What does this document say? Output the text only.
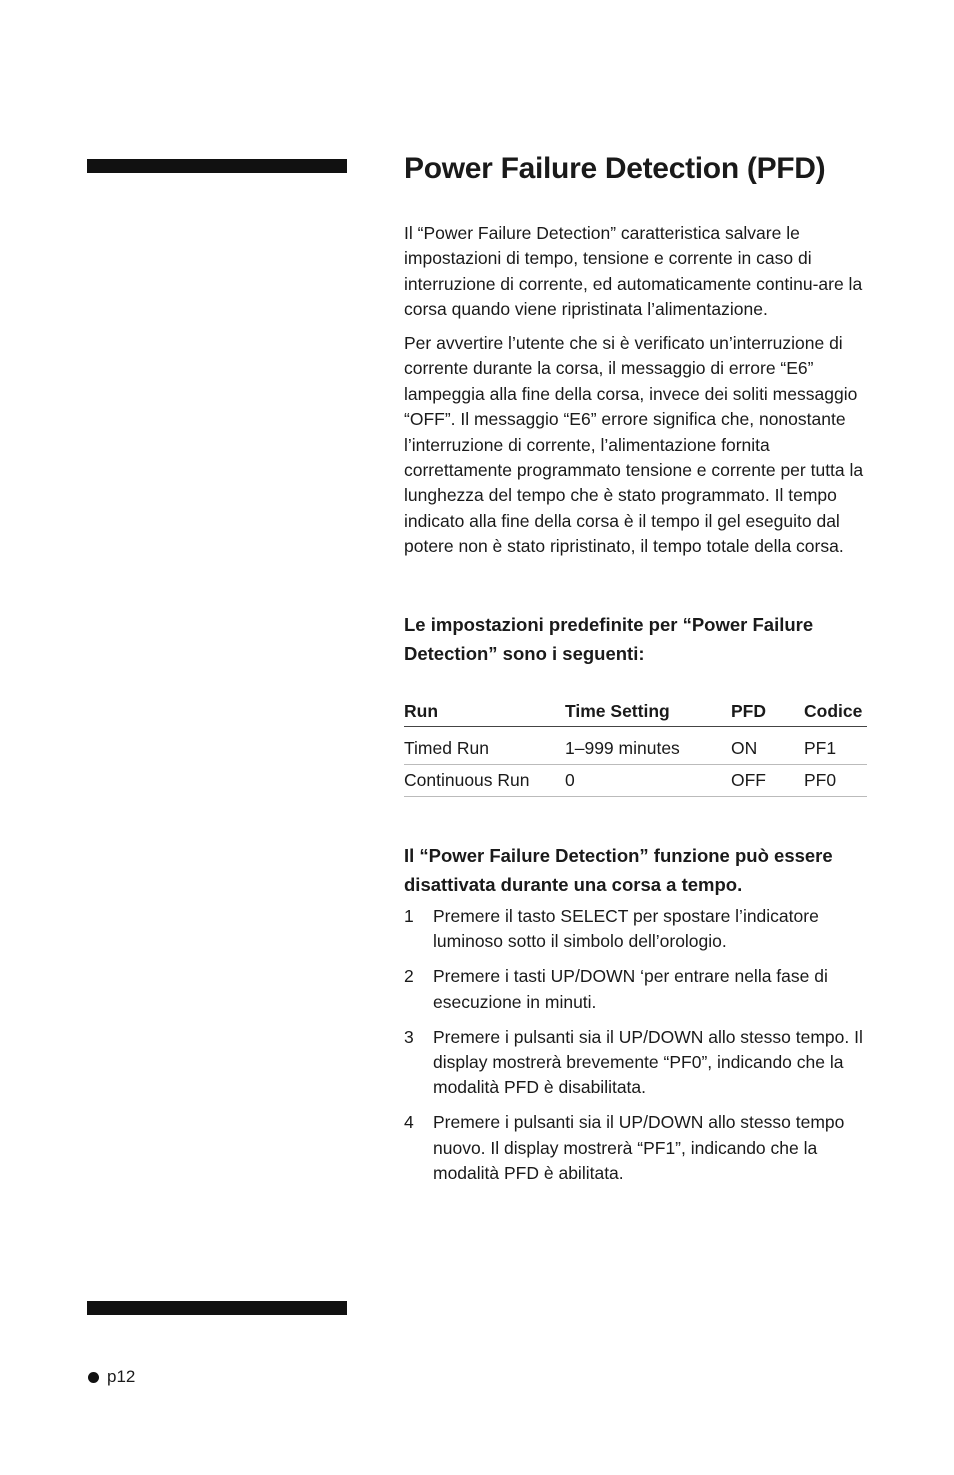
Power Failure Detection (PFD)

Il “Power Failure Detection” caratteristica salvare le impostazioni di tempo, tensione e corrente in caso di interruzione di corrente, ed automaticamente continu-are la corsa quando viene ripristinata l’alimentazione.

Per avvertire l’utente che si è verificato un’interruzione di corrente durante la corsa, il messaggio di errore “E6” lampeggia alla fine della corsa, invece dei soliti messaggio “OFF”. Il messaggio “E6” errore significa che, nonostante l’interruzione di corrente, l’alimentazione fornita correttamente programmato tensione e corrente per tutta la lunghezza del tempo che è stato programmato. Il tempo indicato alla fine della corsa è il tempo il gel eseguito dal potere non è stato ripristinato, il tempo totale della corsa.

Le impostazioni predefinite per “Power Failure Detection” sono i seguenti:

Run	Time Setting	PFD	Codice

Timed Run	1–999 minutes	ON	PF1
Continuous Run	0	OFF	PF0

Il “Power Failure Detection” funzione può essere disattivata durante una corsa a tempo.

1	Premere il tasto SELECT per spostare l’indicatore luminoso sotto il simbolo dell’orologio.
2	Premere i tasti UP/DOWN ‘per entrare nella fase di esecuzione in minuti.
3	Premere i pulsanti sia il UP/DOWN allo stesso tempo. Il display mostrerà brevemente “PF0”, indicando che la modalità PFD è disabilitata.
4	Premere i pulsanti sia il UP/DOWN allo stesso tempo nuovo. Il display mostrerà “PF1”, indicando che la modalità PFD è abilitata.
p12
